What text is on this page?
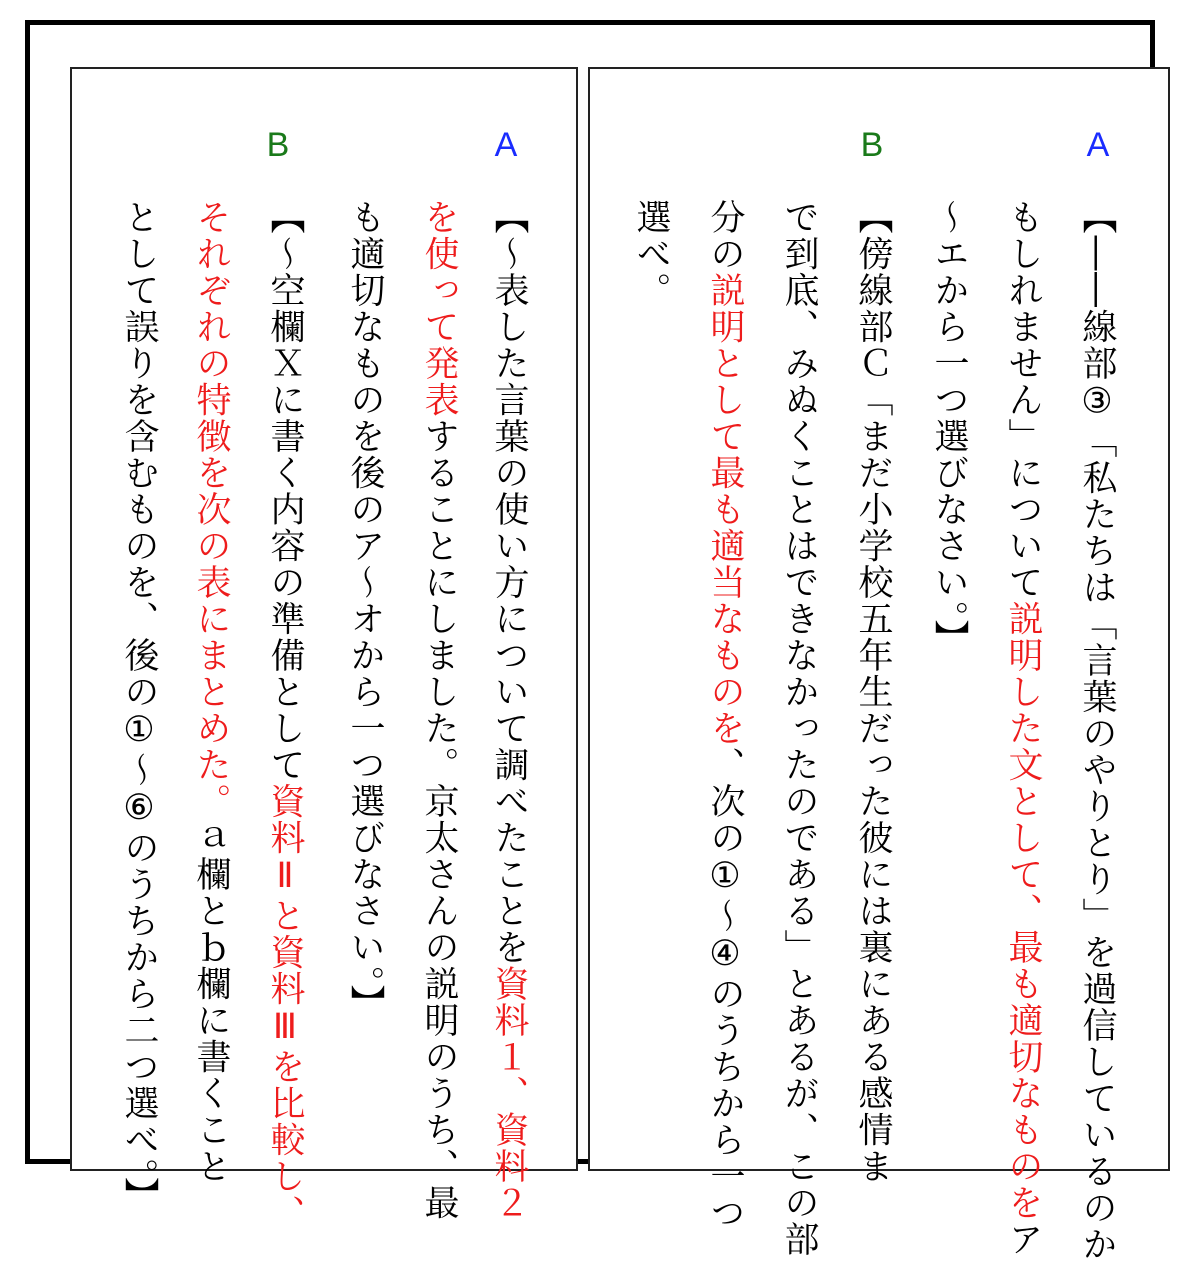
A
B
【～表した言葉の使い方について調べたことを資料１、資料２
を使って発表することにしました。京太さんの説明のうち、最
も適切なものを後のア～オから一つ選びなさい。】
【～空欄Ｘに書く内容の準備として資料Ⅱと資料Ⅲを比較し、
それぞれの特徴を次の表にまとめた。ａ欄とｂ欄に書くこと
として誤りを含むものを、後の①～⑥のうちから二つ選べ。】
A
B
【――線部③「私たちは「言葉のやりとり」を過信しているのか
もしれません」について説明した文として、最も適切なものをア
～エから一つ選びなさい。】
【傍線部Ｃ「まだ小学校五年生だった彼には裏にある感情ま
で到底、みぬくことはできなかったのである」とあるが、この部
分の説明として最も適当なものを、次の①～④のうちから一つ
選べ。
